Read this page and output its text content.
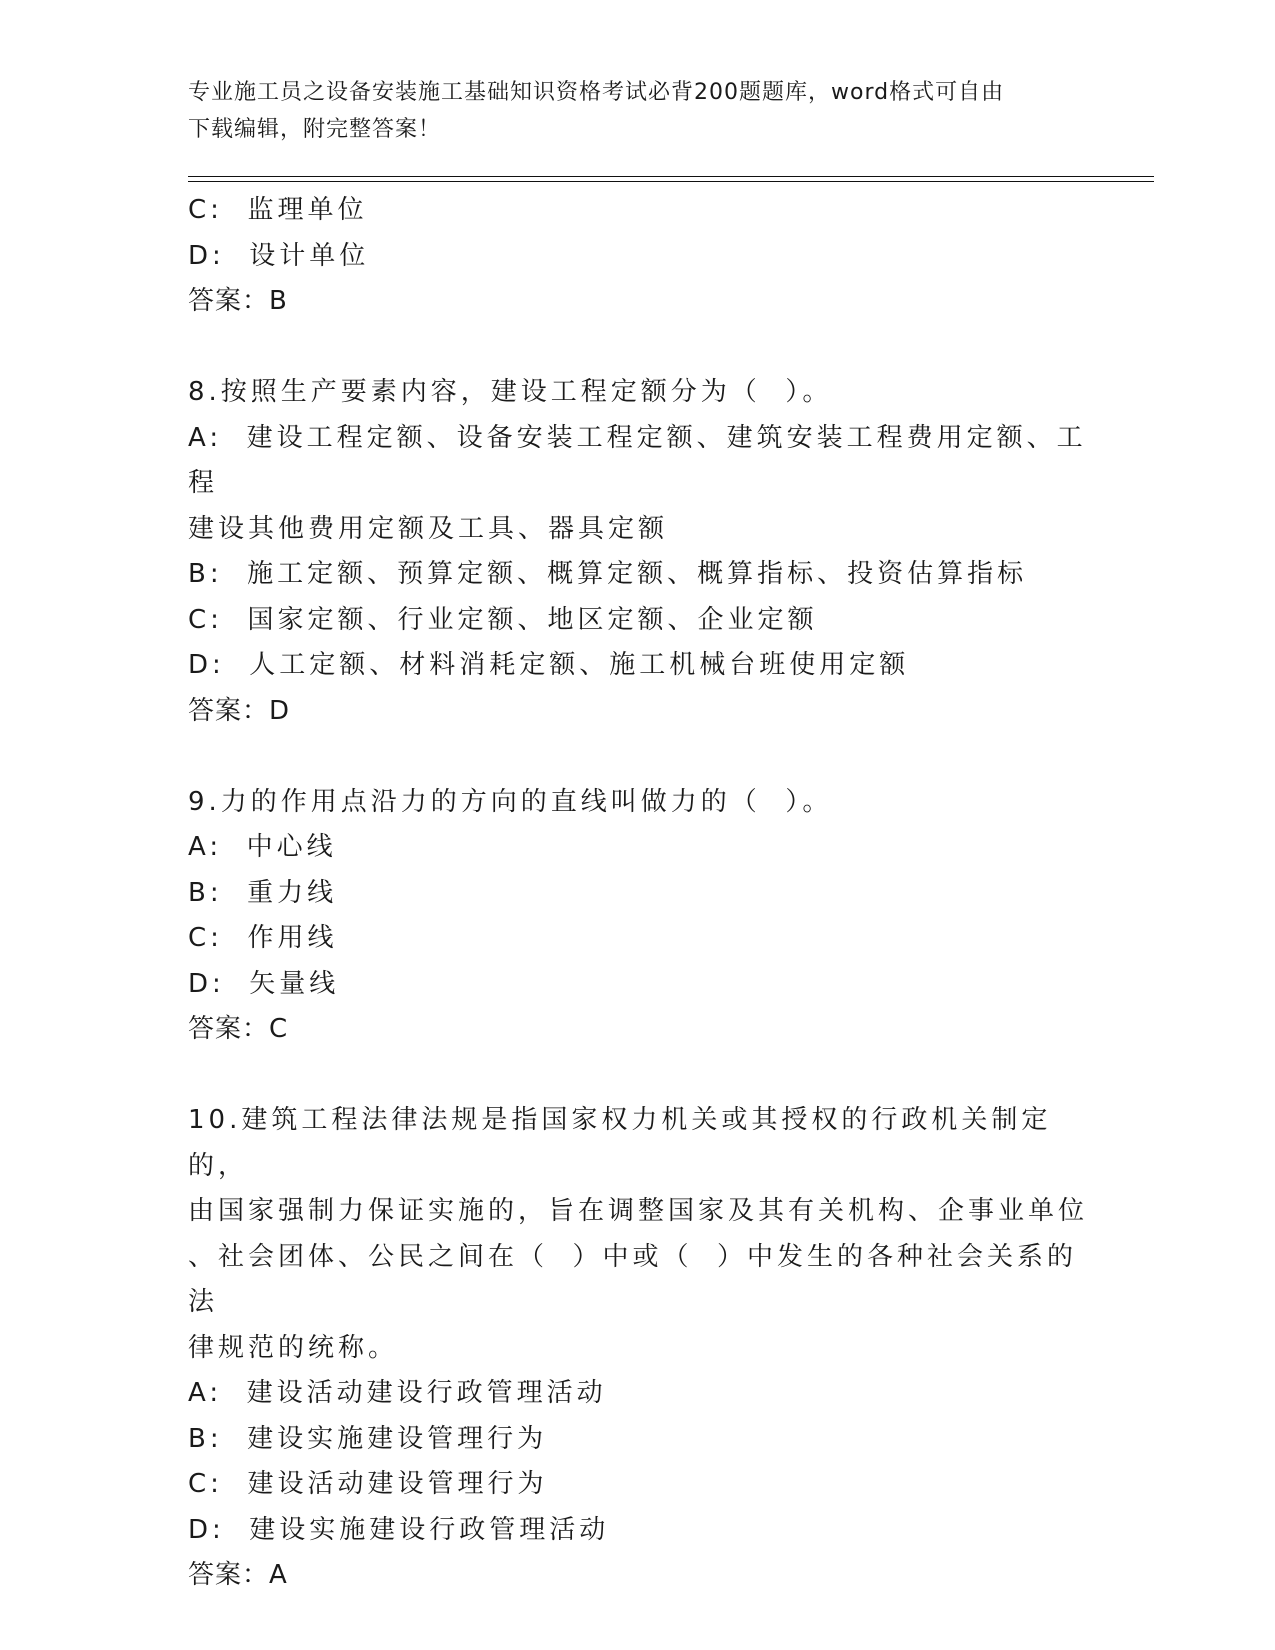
专业施工员之设备安装施工基础知识资格考试必背200题题库，word格式可自由
下载编辑，附完整答案！
C:  监理单位
D:  设计单位
答案：B
8.按照生产要素内容，建设工程定额分为（  ）。
A:  建设工程定额、设备安装工程定额、建筑安装工程费用定额、工程
建设其他费用定额及工具、器具定额
B:  施工定额、预算定额、概算定额、概算指标、投资估算指标
C:  国家定额、行业定额、地区定额、企业定额
D:  人工定额、材料消耗定额、施工机械台班使用定额
答案：D
9.力的作用点沿力的方向的直线叫做力的（  ）。
A:  中心线
B:  重力线
C:  作用线
D:  矢量线
答案：C
10.建筑工程法律法规是指国家权力机关或其授权的行政机关制定的，
由国家强制力保证实施的，旨在调整国家及其有关机构、企事业单位
、社会团体、公民之间在（  ）中或（  ）中发生的各种社会关系的法
律规范的统称。
A:  建设活动建设行政管理活动
B:  建设实施建设管理行为
C:  建设活动建设管理行为
D:  建设实施建设行政管理活动
答案：A
